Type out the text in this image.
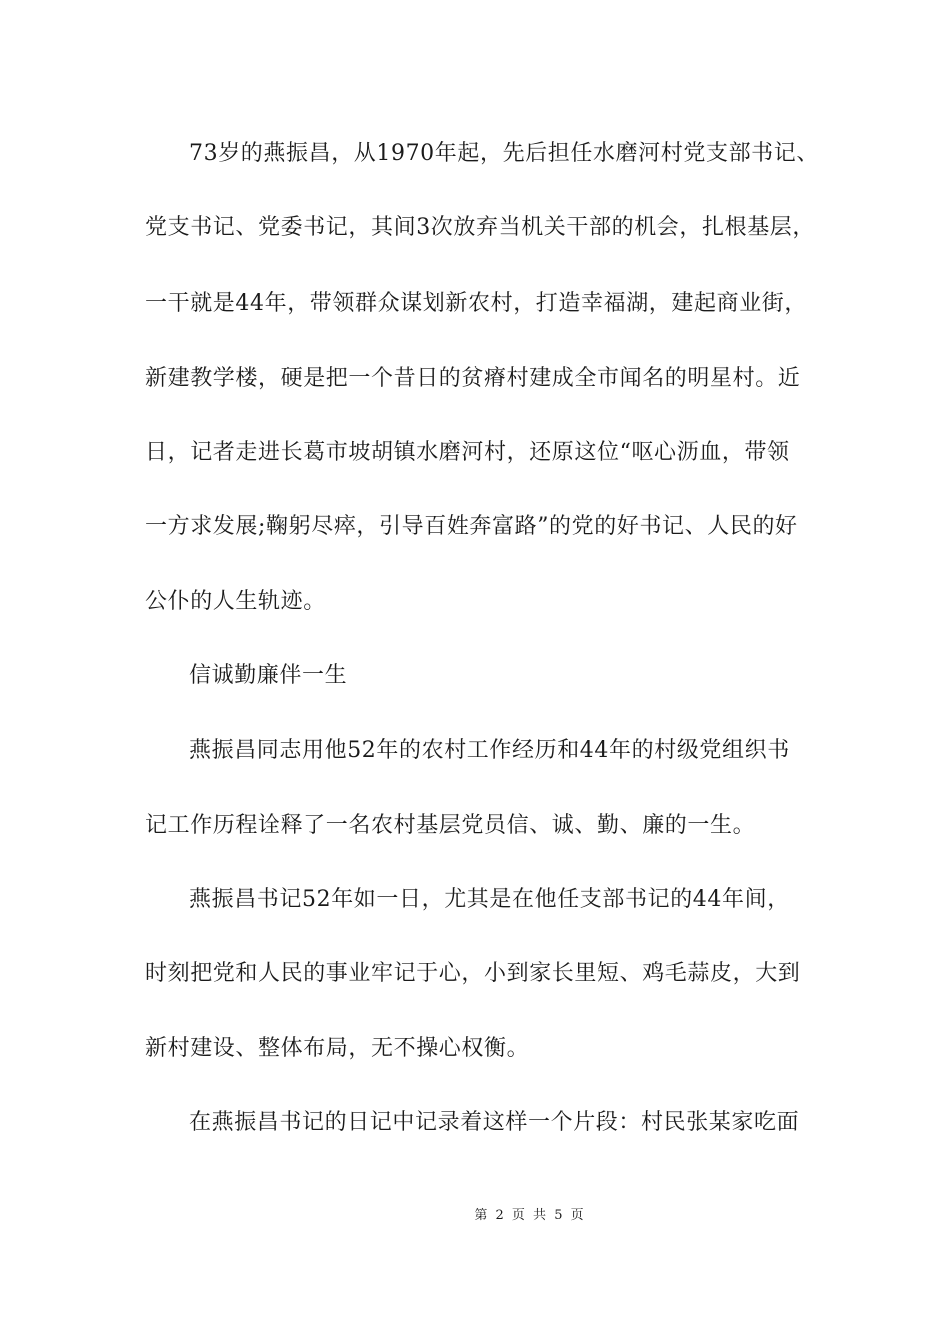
73岁的燕振昌，从1970年起，先后担任水磨河村党支部书记、
党支书记、党委书记，其间3次放弃当机关干部的机会，扎根基层，
一干就是44年，带领群众谋划新农村，打造幸福湖，建起商业街，
新建教学楼，硬是把一个昔日的贫瘠村建成全市闻名的明星村。近
日，记者走进长葛市坡胡镇水磨河村，还原这位“呕心沥血，带领
一方求发展;鞠躬尽瘁，引导百姓奔富路”的党的好书记、人民的好
公仆的人生轨迹。
信诚勤廉伴一生
燕振昌同志用他52年的农村工作经历和44年的村级党组织书
记工作历程诠释了一名农村基层党员信、诚、勤、廉的一生。
燕振昌书记52年如一日，尤其是在他任支部书记的44年间，
时刻把党和人民的事业牢记于心，小到家长里短、鸡毛蒜皮，大到
新村建设、整体布局，无不操心权衡。
在燕振昌书记的日记中记录着这样一个片段：村民张某家吃面
第 2 页 共 5 页
